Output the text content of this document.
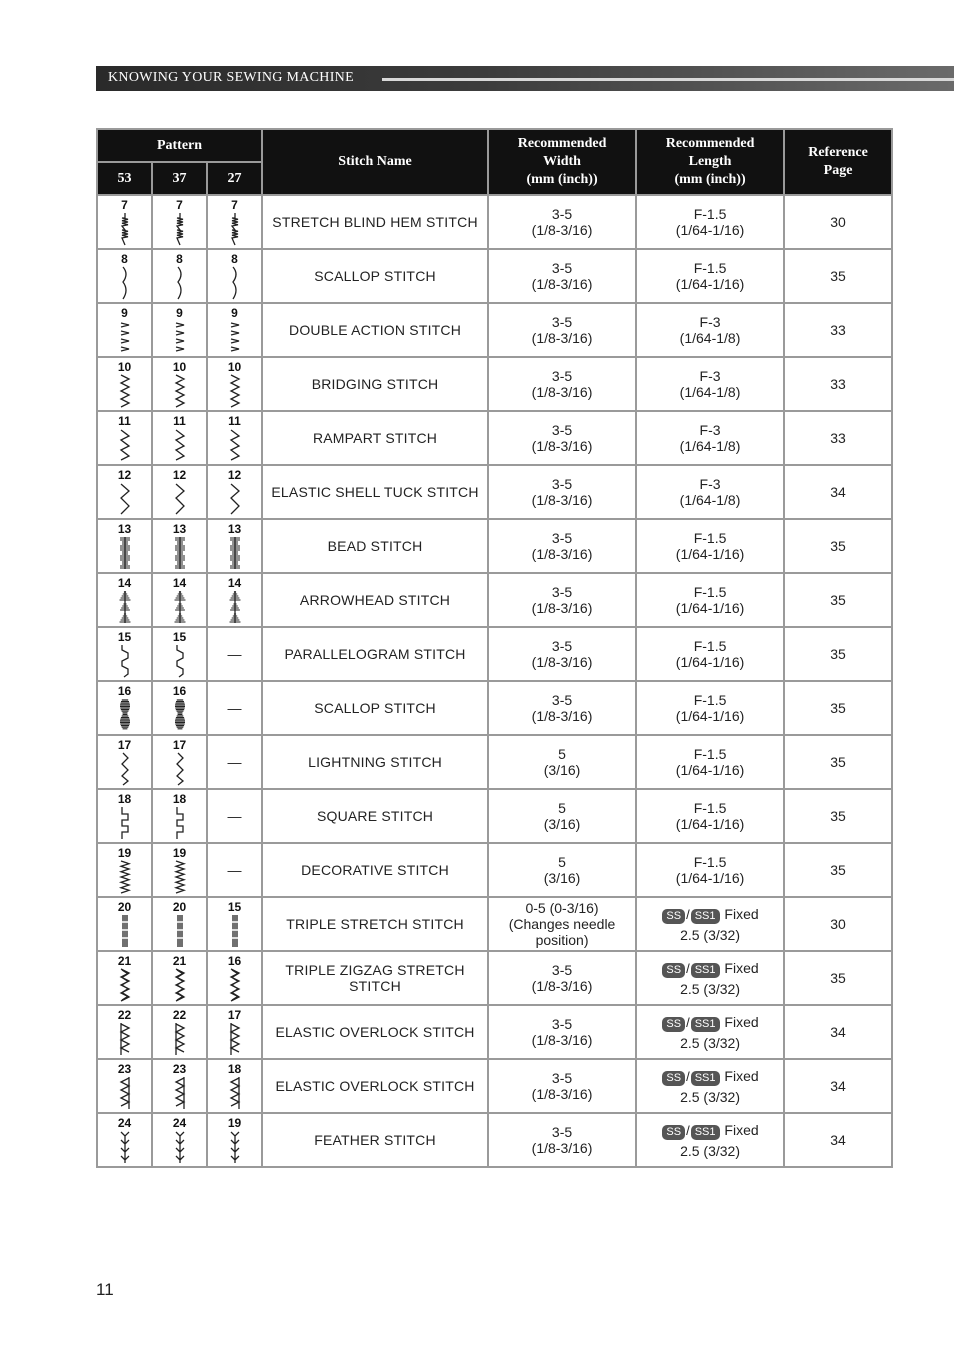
KNOWING YOUR SEWING MACHINE
Pattern			Stitch Name	Recommended
Width
(mm (inch))	Recommended
Length
(mm (inch))	Reference
Page
53	37	27				

7	7	7	STRETCH BLIND HEM STITCH	3-5
(1/8-3/16)	F-1.5
(1/64-1/16)	30

8	8	8	SCALLOP STITCH	3-5
(1/8-3/16)	F-1.5
(1/64-1/16)	35

9	9	9	DOUBLE ACTION STITCH	3-5
(1/8-3/16)	F-3
(1/64-1/8)	33

10	10	10	BRIDGING STITCH	3-5
(1/8-3/16)	F-3
(1/64-1/8)	33

11	11	11	RAMPART STITCH	3-5
(1/8-3/16)	F-3
(1/64-1/8)	33

12	12	12	ELASTIC SHELL TUCK STITCH	3-5
(1/8-3/16)	F-3
(1/64-1/8)	34

13	13	13	BEAD STITCH	3-5
(1/8-3/16)	F-1.5
(1/64-1/16)	35

14	14	14	ARROWHEAD STITCH	3-5
(1/8-3/16)	F-1.5
(1/64-1/16)	35

15	15	—	PARALLELOGRAM STITCH	3-5
(1/8-3/16)	F-1.5
(1/64-1/16)	35

16	16	—	SCALLOP STITCH	3-5
(1/8-3/16)	F-1.5
(1/64-1/16)	35

17	17	—	LIGHTNING STITCH	5
(3/16)	F-1.5
(1/64-1/16)	35

18	18	—	SQUARE STITCH	5
(3/16)	F-1.5
(1/64-1/16)	35

19	19	—	DECORATIVE STITCH	5
(3/16)	F-1.5
(1/64-1/16)	35

20	20	15	TRIPLE STRETCH STITCH	0-5 (0-3/16)
(Changes needle
position)	SS / SS1 Fixed
2.5 (3/32)	30

21	21	16	TRIPLE ZIGZAG STRETCH
STITCH	3-5
(1/8-3/16)	SS / SS1 Fixed
2.5 (3/32)	35

22	22	17	ELASTIC OVERLOCK STITCH	3-5
(1/8-3/16)	SS / SS1 Fixed
2.5 (3/32)	34

23	23	18	ELASTIC OVERLOCK STITCH	3-5
(1/8-3/16)	SS / SS1 Fixed
2.5 (3/32)	34

24	24	19	FEATHER STITCH	3-5
(1/8-3/16)	SS / SS1 Fixed
2.5 (3/32)	34
11
